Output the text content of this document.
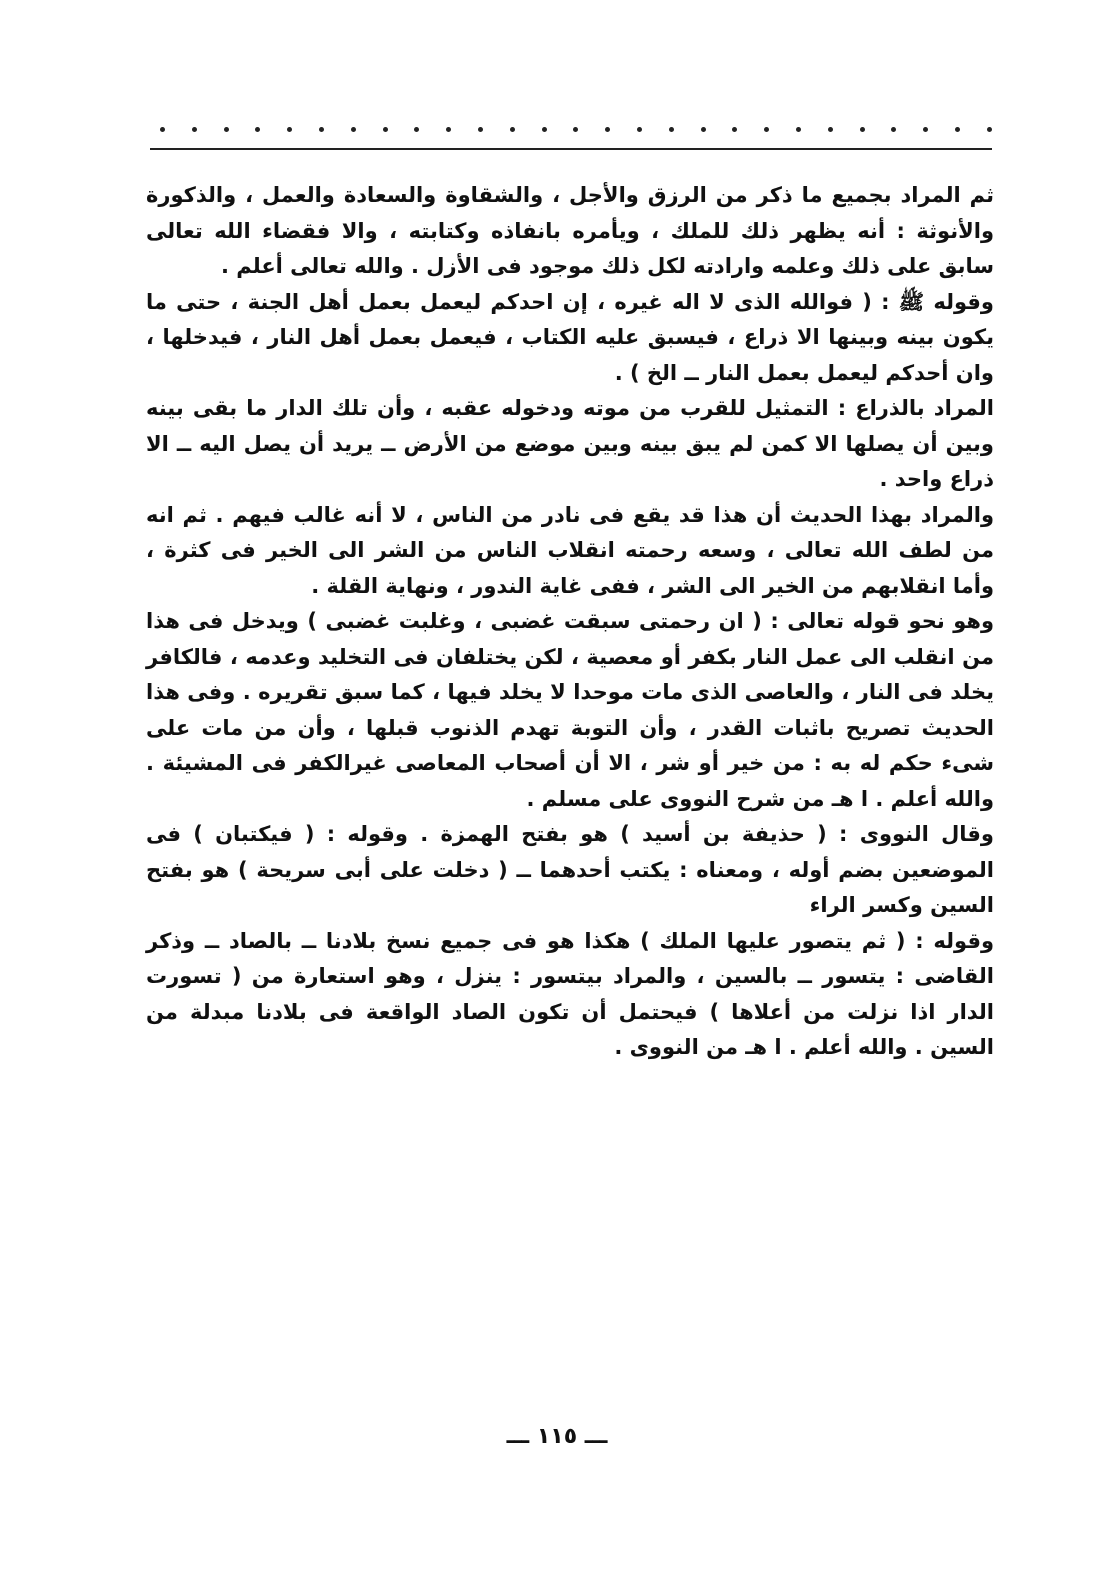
ثم المراد بجميع ما ذكر من الرزق والأجل ، والشقاوة والسعادة والعمل ، والذكورة والأنوثة : أنه يظهر ذلك للملك ، ويأمره بانفاذه وكتابته ، والا فقضاء الله تعالى سابق على ذلك وعلمه وارادته لكل ذلك موجود فى الأزل . والله تعالى أعلم .

وقوله ﷺ : ( فوالله الذى لا اله غيره ، إن احدكم ليعمل بعمل أهل الجنة ، حتى ما يكون بينه وبينها الا ذراع ، فيسبق عليه الكتاب ، فيعمل بعمل أهل النار ، فيدخلها ، وان أحدكم ليعمل بعمل النار ــ الخ ) .

المراد بالذراع : التمثيل للقرب من موته ودخوله عقبه ، وأن تلك الدار ما بقى بينه وبين أن يصلها الا كمن لم يبق بينه وبين موضع من الأرض ــ يريد أن يصل اليه ــ الا ذراع واحد .

والمراد بهذا الحديث أن هذا قد يقع فى نادر من الناس ، لا أنه غالب فيهم . ثم انه من لطف الله تعالى ، وسعه رحمته انقلاب الناس من الشر الى الخير فى كثرة ، وأما انقلابهم من الخير الى الشر ، ففى غاية الندور ، ونهاية القلة .

وهو نحو قوله تعالى : ( ان رحمتى سبقت غضبى ، وغلبت غضبى ) ويدخل فى هذا من انقلب الى عمل النار بكفر أو معصية ، لكن يختلفان فى التخليد وعدمه ، فالكافر يخلد فى النار ، والعاصى الذى مات موحدا لا يخلد فيها ، كما سبق تقريره . وفى هذا الحديث تصريح باثبات القدر ، وأن التوبة تهدم الذنوب قبلها ، وأن من مات على شىء حكم له به : من خير أو شر ، الا أن أصحاب المعاصى غيرالكفر فى المشيئة . والله أعلم . ا هـ من شرح النووى على مسلم .

وقال النووى : ( حذيفة بن أسيد ) هو بفتح الهمزة . وقوله : ( فيكتبان ) فى الموضعين بضم أوله ، ومعناه : يكتب أحدهما ــ ( دخلت على أبى سريحة ) هو بفتح السين وكسر الراء

وقوله : ( ثم يتصور عليها الملك ) هكذا هو فى جميع نسخ بلادنا ــ بالصاد ــ وذكر القاضى : يتسور ــ بالسين ، والمراد بيتسور : ينزل ، وهو استعارة من ( تسورت الدار اذا نزلت من أعلاها ) فيحتمل أن تكون الصاد الواقعة فى بلادنا مبدلة من السين . والله أعلم . ا هـ من النووى .

ـــ ١١٥ ـــ
